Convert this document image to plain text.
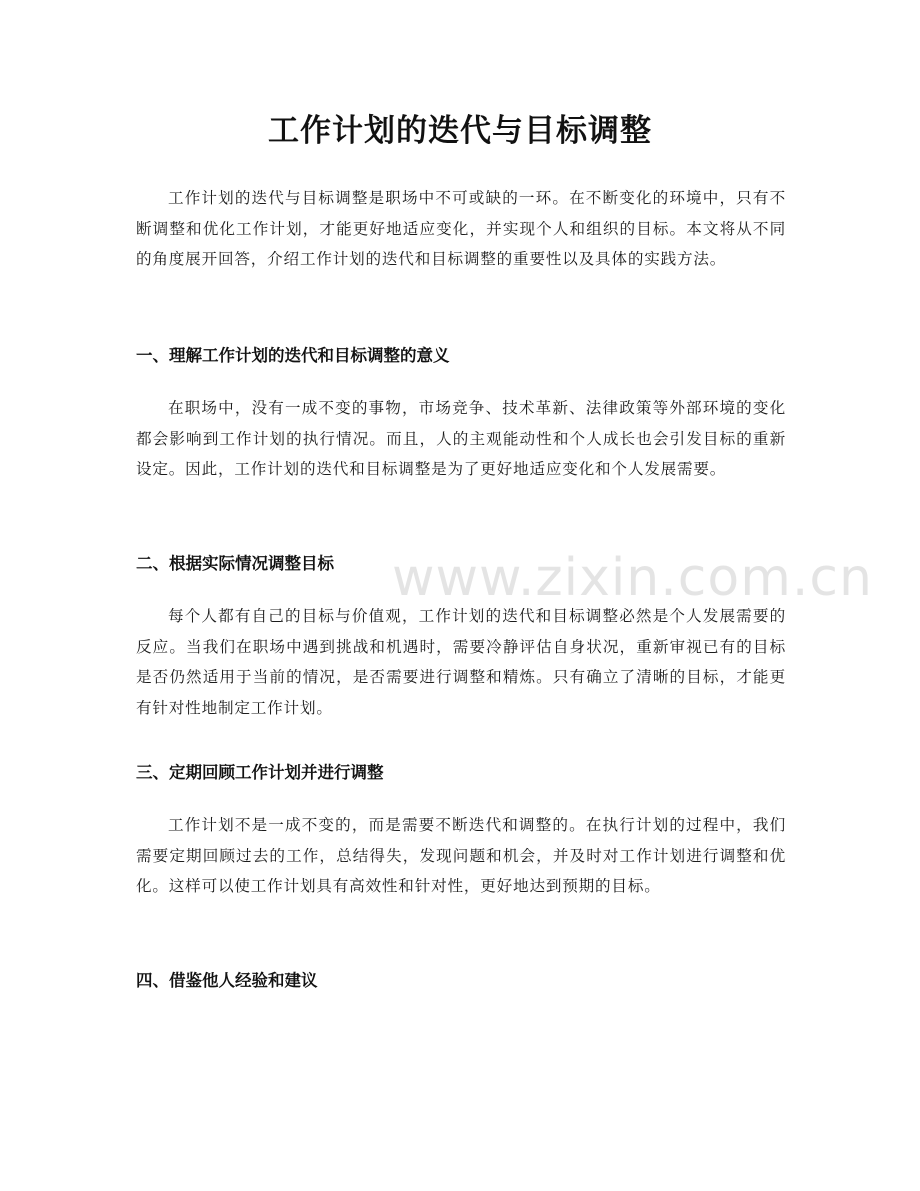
工作计划的迭代与目标调整

工作计划的迭代与目标调整是职场中不可或缺的一环。在不断变化的环境中，只有不断调整和优化工作计划，才能更好地适应变化，并实现个人和组织的目标。本文将从不同的角度展开回答，介绍工作计划的迭代和目标调整的重要性以及具体的实践方法。

一、理解工作计划的迭代和目标调整的意义

在职场中，没有一成不变的事物，市场竞争、技术革新、法律政策等外部环境的变化都会影响到工作计划的执行情况。而且，人的主观能动性和个人成长也会引发目标的重新设定。因此，工作计划的迭代和目标调整是为了更好地适应变化和个人发展需要。

二、根据实际情况调整目标

每个人都有自己的目标与价值观，工作计划的迭代和目标调整必然是个人发展需要的反应。当我们在职场中遇到挑战和机遇时，需要冷静评估自身状况，重新审视已有的目标是否仍然适用于当前的情况，是否需要进行调整和精炼。只有确立了清晰的目标，才能更有针对性地制定工作计划。

三、定期回顾工作计划并进行调整

工作计划不是一成不变的，而是需要不断迭代和调整的。在执行计划的过程中，我们需要定期回顾过去的工作，总结得失，发现问题和机会，并及时对工作计划进行调整和优化。这样可以使工作计划具有高效性和针对性，更好地达到预期的目标。

四、借鉴他人经验和建议
www.zixin.com.cn
